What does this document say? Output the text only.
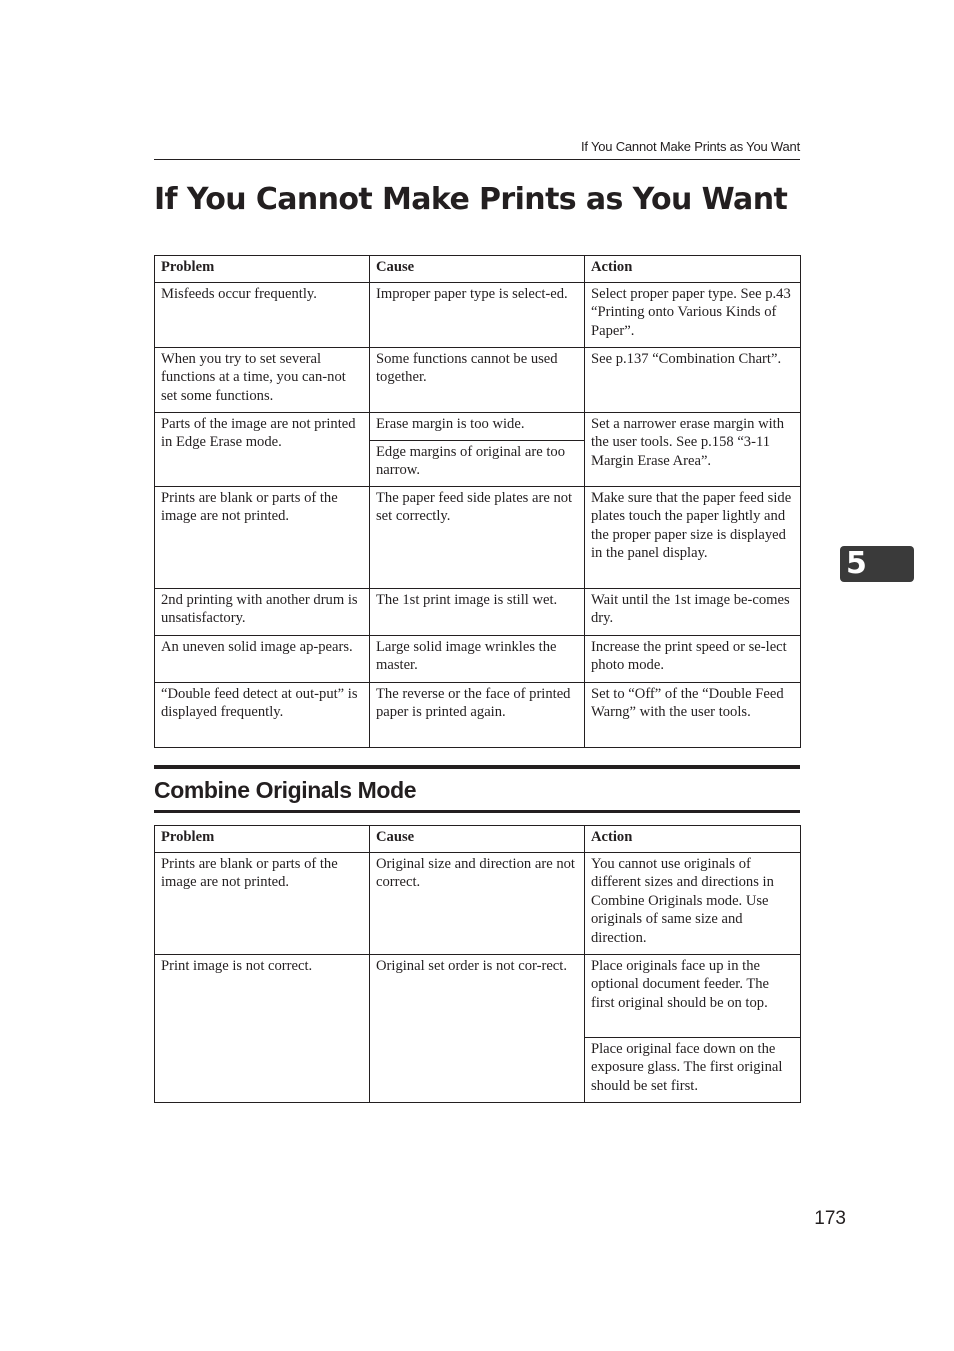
If You Cannot Make Prints as You Want
If You Cannot Make Prints as You Want
Problem	Cause	Action
Misfeeds occur frequently.	Improper paper type is select-ed.	Select proper paper type. See p.43 “Printing onto Various Kinds of Paper”.
When you try to set several functions at a time, you can-not set some functions.	Some functions cannot be used together.	See p.137 “Combination Chart”.
Parts of the image are not printed in Edge Erase mode.	Erase margin is too wide.	Set a narrower erase margin with the user tools. See p.158 “3-11 Margin Erase Area”.
	Edge margins of original are too narrow.	
Prints are blank or parts of the image are not printed.	The paper feed side plates are not set correctly.	Make sure that the paper feed side plates touch the paper lightly and the proper paper size is displayed in the panel display.
2nd printing with another drum is unsatisfactory.	The 1st print image is still wet.	Wait until the 1st image be-comes dry.
An uneven solid image ap-pears.	Large solid image wrinkles the master.	Increase the print speed or se-lect photo mode.
“Double feed detect at out-put” is displayed frequently.	The reverse or the face of printed paper is printed again.	Set to “Off” of the “Double Feed Warng” with the user tools.
Combine Originals Mode
Problem	Cause	Action
Prints are blank or parts of the image are not printed.	Original size and direction are not correct.	You cannot use originals of different sizes and directions in Combine Originals mode. Use originals of same size and direction.
Print image is not correct.	Original set order is not cor-rect.	Place originals face up in the optional document feeder. The first original should be on top.
		Place original face down on the exposure glass. The first original should be set first.
5
173
